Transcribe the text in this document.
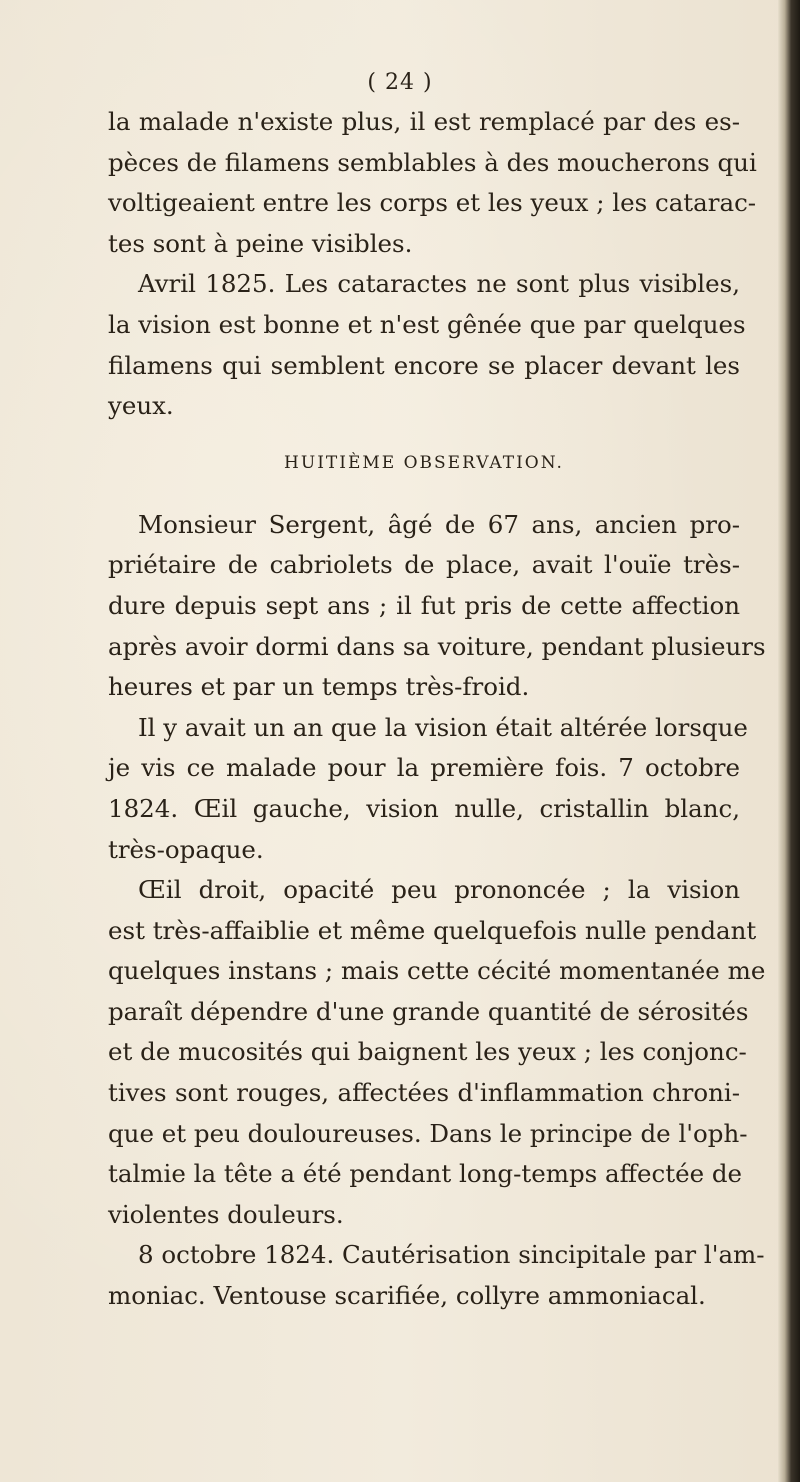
( 24 )
la malade n'existe plus, il est remplacé par des es-
pèces de filamens semblables à des moucherons qui
voltigeaient entre les corps et les yeux ; les catarac-
tes sont à peine visibles.
Avril 1825. Les cataractes ne sont plus visibles,
la vision est bonne et n'est gênée que par quelques
filamens qui semblent encore se placer devant les
yeux.
HUITIÈME OBSERVATION.
Monsieur Sergent, âgé de 67 ans, ancien pro-
priétaire de cabriolets de place, avait l'ouïe très-
dure depuis sept ans ; il fut pris de cette affection
après avoir dormi dans sa voiture, pendant plusieurs
heures et par un temps très-froid.
Il y avait un an que la vision était altérée lorsque
je vis ce malade pour la première fois. 7 octobre
1824. Œil gauche, vision nulle, cristallin blanc,
très-opaque.
Œil droit, opacité peu prononcée ; la vision
est très-affaiblie et même quelquefois nulle pendant
quelques instans ; mais cette cécité momentanée me
paraît dépendre d'une grande quantité de sérosités
et de mucosités qui baignent les yeux ; les conjonc-
tives sont rouges, affectées d'inflammation chroni-
que et peu douloureuses. Dans le principe de l'oph-
talmie la tête a été pendant long-temps affectée de
violentes douleurs.
8 octobre 1824. Cautérisation sincipitale par l'am-
moniac. Ventouse scarifiée, collyre ammoniacal.
